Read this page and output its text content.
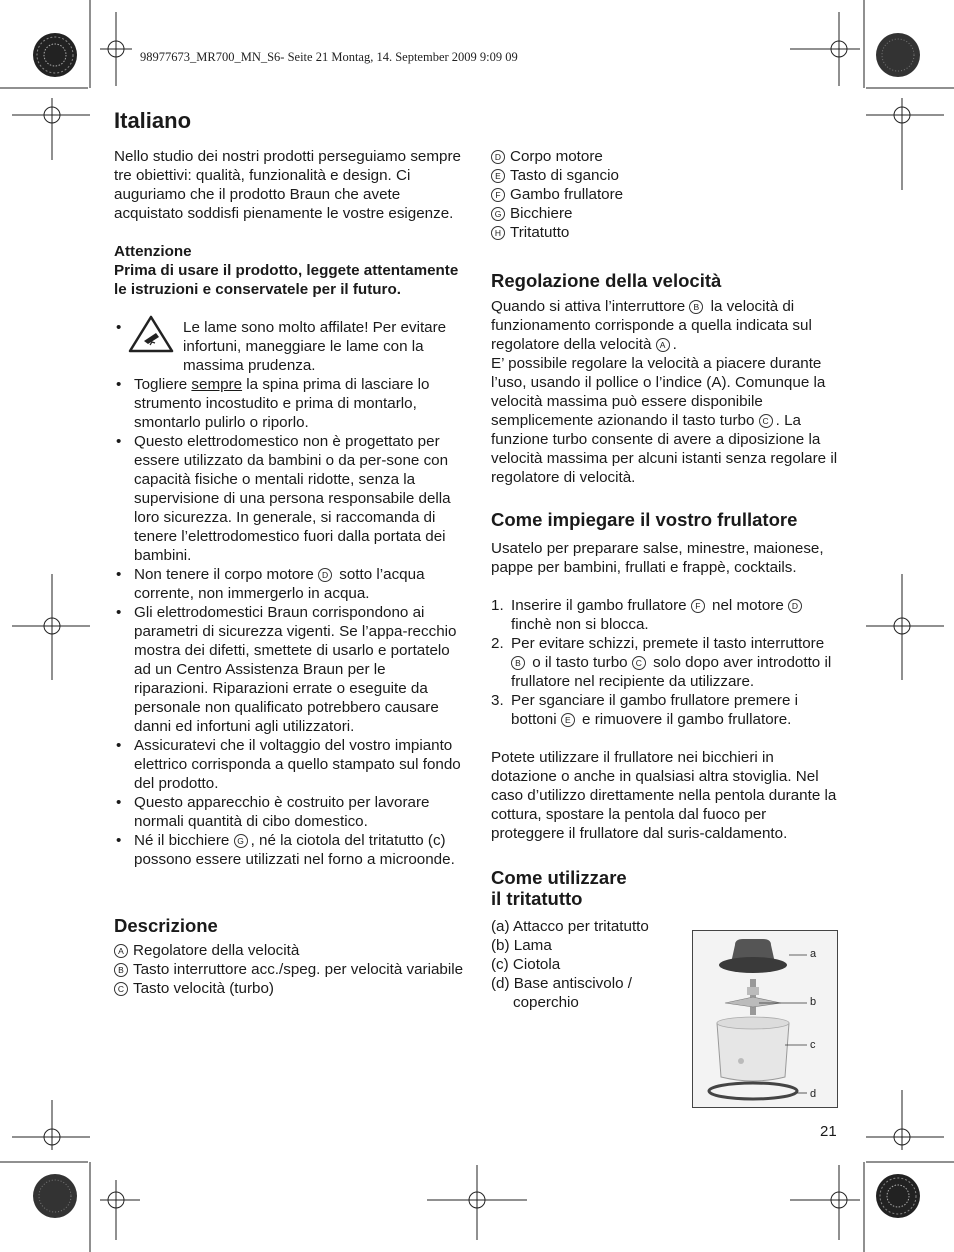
98977673_MR700_MN_S6- Seite 21 Montag, 14. September 2009 9:09 09
Italiano

Nello studio dei nostri prodotti perseguiamo sempre tre obiettivi: qualità, funzionalità e design. Ci auguriamo che il prodotto Braun che avete acquistato soddisfi pienamente le vostre esigenze.

Attenzione

Prima di usare il prodotto, leggete attentamente le istruzioni e conservatele per il futuro.

• Le lame sono molto affilate! Per evitare infortuni, maneggiare le lame con la massima prudenza.
• Togliere sempre la spina prima di lasciare lo strumento incostudito e prima di montarlo, smontarlo pulirlo o riporlo.
• Questo elettrodomestico non è progettato per essere utilizzato da bambini o da per-sone con capacità fisiche o mentali ridotte, senza la supervisione di una persona responsabile della loro sicurezza. In generale, si raccomanda di tenere l’elettrodomestico fuori dalla portata dei bambini.
• Non tenere il corpo motore D sotto l’acqua corrente, non immergerlo in acqua.
• Gli elettrodomestici Braun corrispondono ai parametri di sicurezza vigenti. Se l’appa-recchio mostra dei difetti, smettete di usarlo e portatelo ad un Centro Assistenza Braun per le riparazioni. Riparazioni errate o eseguite da personale non qualificato potrebbero causare danni ed infortuni agli utilizzatori.
• Assicuratevi che il voltaggio del vostro impianto elettrico corrisponda a quello stampato sul fondo del prodotto.
• Questo apparecchio è costruito per lavorare normali quantità di cibo domestico.
• Né il bicchiere G , né la ciotola del tritatutto (c) possono essere utilizzati nel forno a microonde.
Descrizione
A Regolatore della velocità
B Tasto interruttore acc./speg. per velocità variabile
C Tasto velocità (turbo)
D Corpo motore
E Tasto di sgancio
F Gambo frullatore
G Bicchiere
H Tritatutto
Regolazione della velocità

Quando si attiva l’interruttore B la velocità di funzionamento corrisponde a quella indicata sul regolatore della velocità A .

E’ possibile regolare la velocità a piacere durante l’uso, usando il pollice o l’indice (A). Comunque la velocità massima può essere disponibile semplicemente azionando il tasto turbo C . La funzione turbo consente di avere a diposizione la velocità massima per alcuni istanti senza regolare il regolatore di velocità.

Come impiegare il vostro frullatore

Usatelo per preparare salse, minestre, maionese, pappe per bambini, frullati e frappè, cocktails.

1. Inserire il gambo frullatore F nel motore D finchè non si blocca.
2. Per evitare schizzi, premete il tasto interruttore B o il tasto turbo C solo dopo aver introdotto il frullatore nel recipiente da utilizzare.
3. Per sganciare il gambo frullatore premere i bottoni E e rimuovere il gambo frullatore.

Potete utilizzare il frullatore nei bicchieri in dotazione o anche in qualsiasi altra stoviglia. Nel caso d’utilizzo direttamente nella pentola durante la cottura, spostare la pentola dal fuoco per proteggere il frullatore dal suris-caldamento.

Come utilizzare
il tritatutto
(a) Attacco per tritatutto
(b) Lama
(c) Ciotola
(d) Base antiscivolo /
coperchio
a
b
c
d
21
